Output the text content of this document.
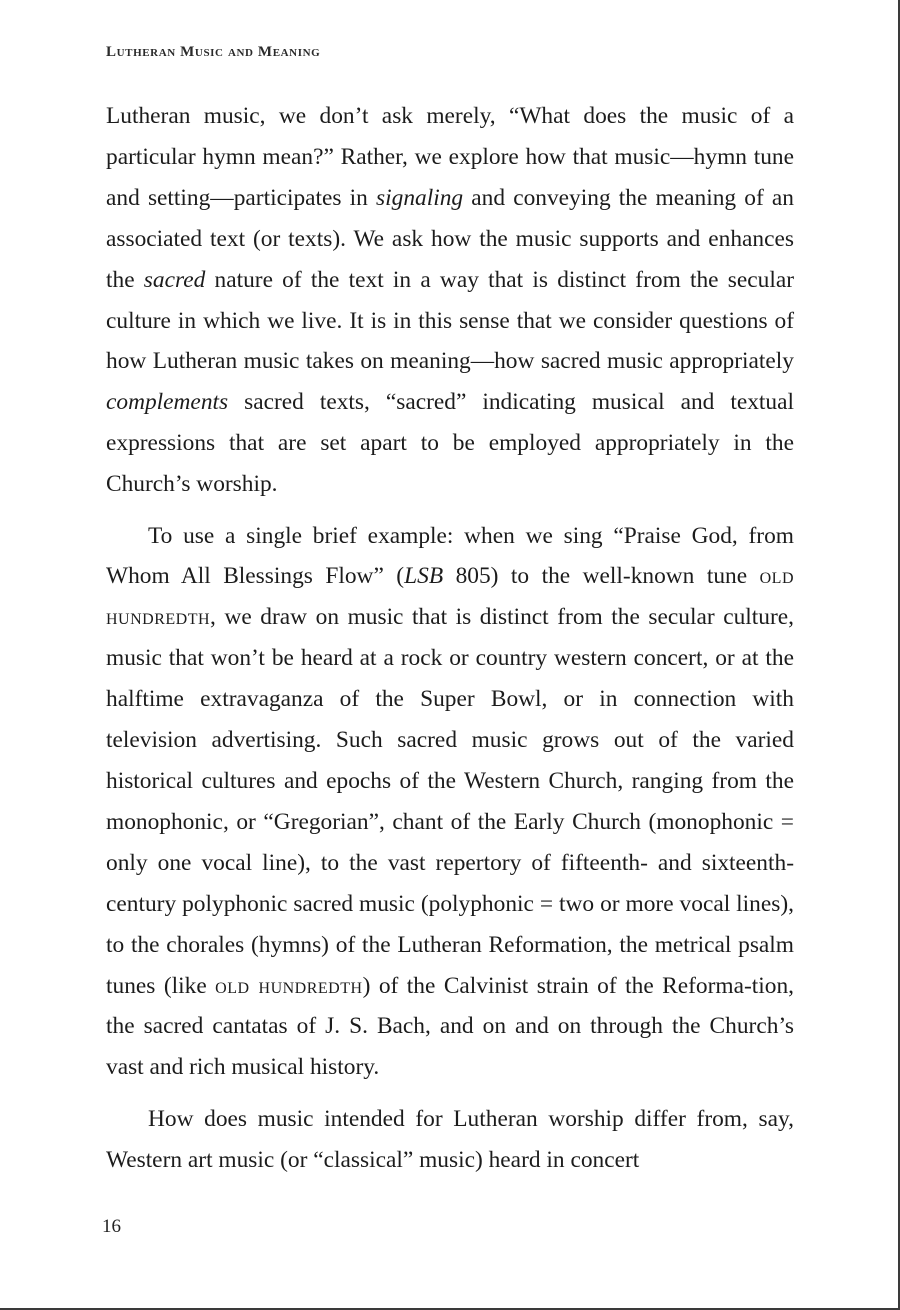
Lutheran Music and Meaning

Lutheran music, we don’t ask merely, “What does the music of a particular hymn mean?” Rather, we explore how that music—hymn tune and setting—participates in signaling and conveying the meaning of an associated text (or texts). We ask how the music supports and enhances the sacred nature of the text in a way that is distinct from the secular culture in which we live. It is in this sense that we consider questions of how Lutheran music takes on meaning—how sacred music appropriately complements sacred texts, “sacred” indicating musical and textual expressions that are set apart to be employed appropriately in the Church’s worship.

To use a single brief example: when we sing “Praise God, from Whom All Blessings Flow” (LSB 805) to the well-known tune old hundredth, we draw on music that is distinct from the secular culture, music that won’t be heard at a rock or country western concert, or at the halftime extravaganza of the Super Bowl, or in connection with television advertising. Such sacred music grows out of the varied historical cultures and epochs of the Western Church, ranging from the monophonic, or “Gregorian”, chant of the Early Church (monophonic = only one vocal line), to the vast repertory of fifteenth- and sixteenth-century polyphonic sacred music (polyphonic = two or more vocal lines), to the chorales (hymns) of the Lutheran Reformation, the metrical psalm tunes (like old hundredth) of the Calvinist strain of the Reforma-tion, the sacred cantatas of J. S. Bach, and on and on through the Church’s vast and rich musical history.

How does music intended for Lutheran worship differ from, say, Western art music (or “classical” music) heard in concert

16
